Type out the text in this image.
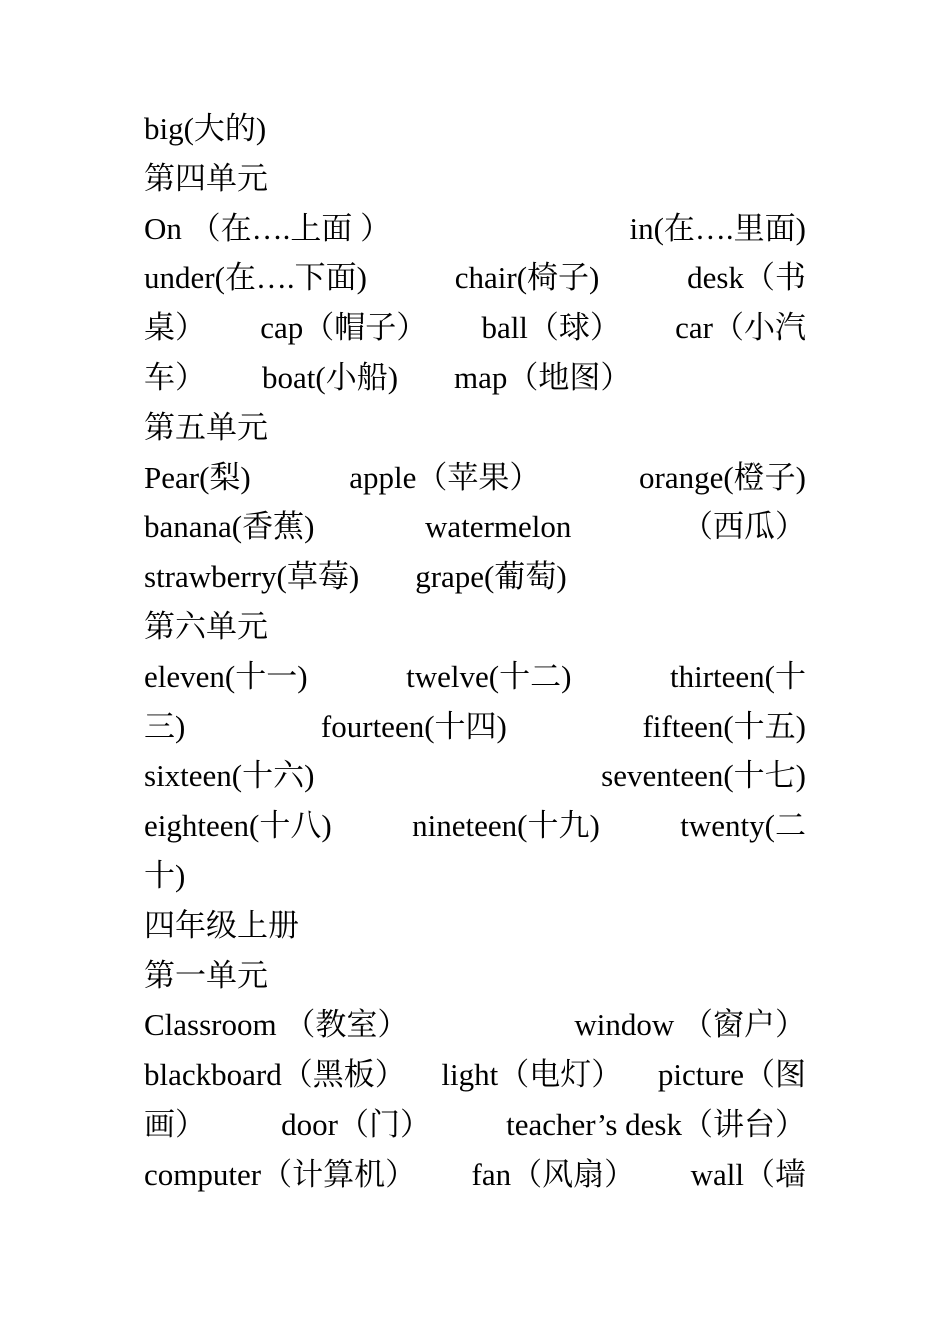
big(大的)
第四单元
On （在….上面 ）	in(在….里面)
under(在….下面)	chair(椅子)	desk（书
桌） cap（帽子） ball（球） car（小汽
车） boat(小船) map（地图）
第五单元
Pear(梨)	apple（苹果）	orange(橙子)
banana(香蕉)	watermelon	（西瓜）
strawberry(草莓) grape(葡萄)
第六单元
eleven(十一)	twelve(十二)	thirteen(十
三)	fourteen(十四)	fifteen(十五)
sixteen(十六)	seventeen(十七)
eighteen(十八)	nineteen(十九)	twenty(二
十)
四年级上册
第一单元
Classroom （教室）	window （窗户）
blackboard（黑板） light（电灯） picture（图
画） door（门） teacher’s desk（讲台）
computer（计算机） fan（风扇） wall（墙
